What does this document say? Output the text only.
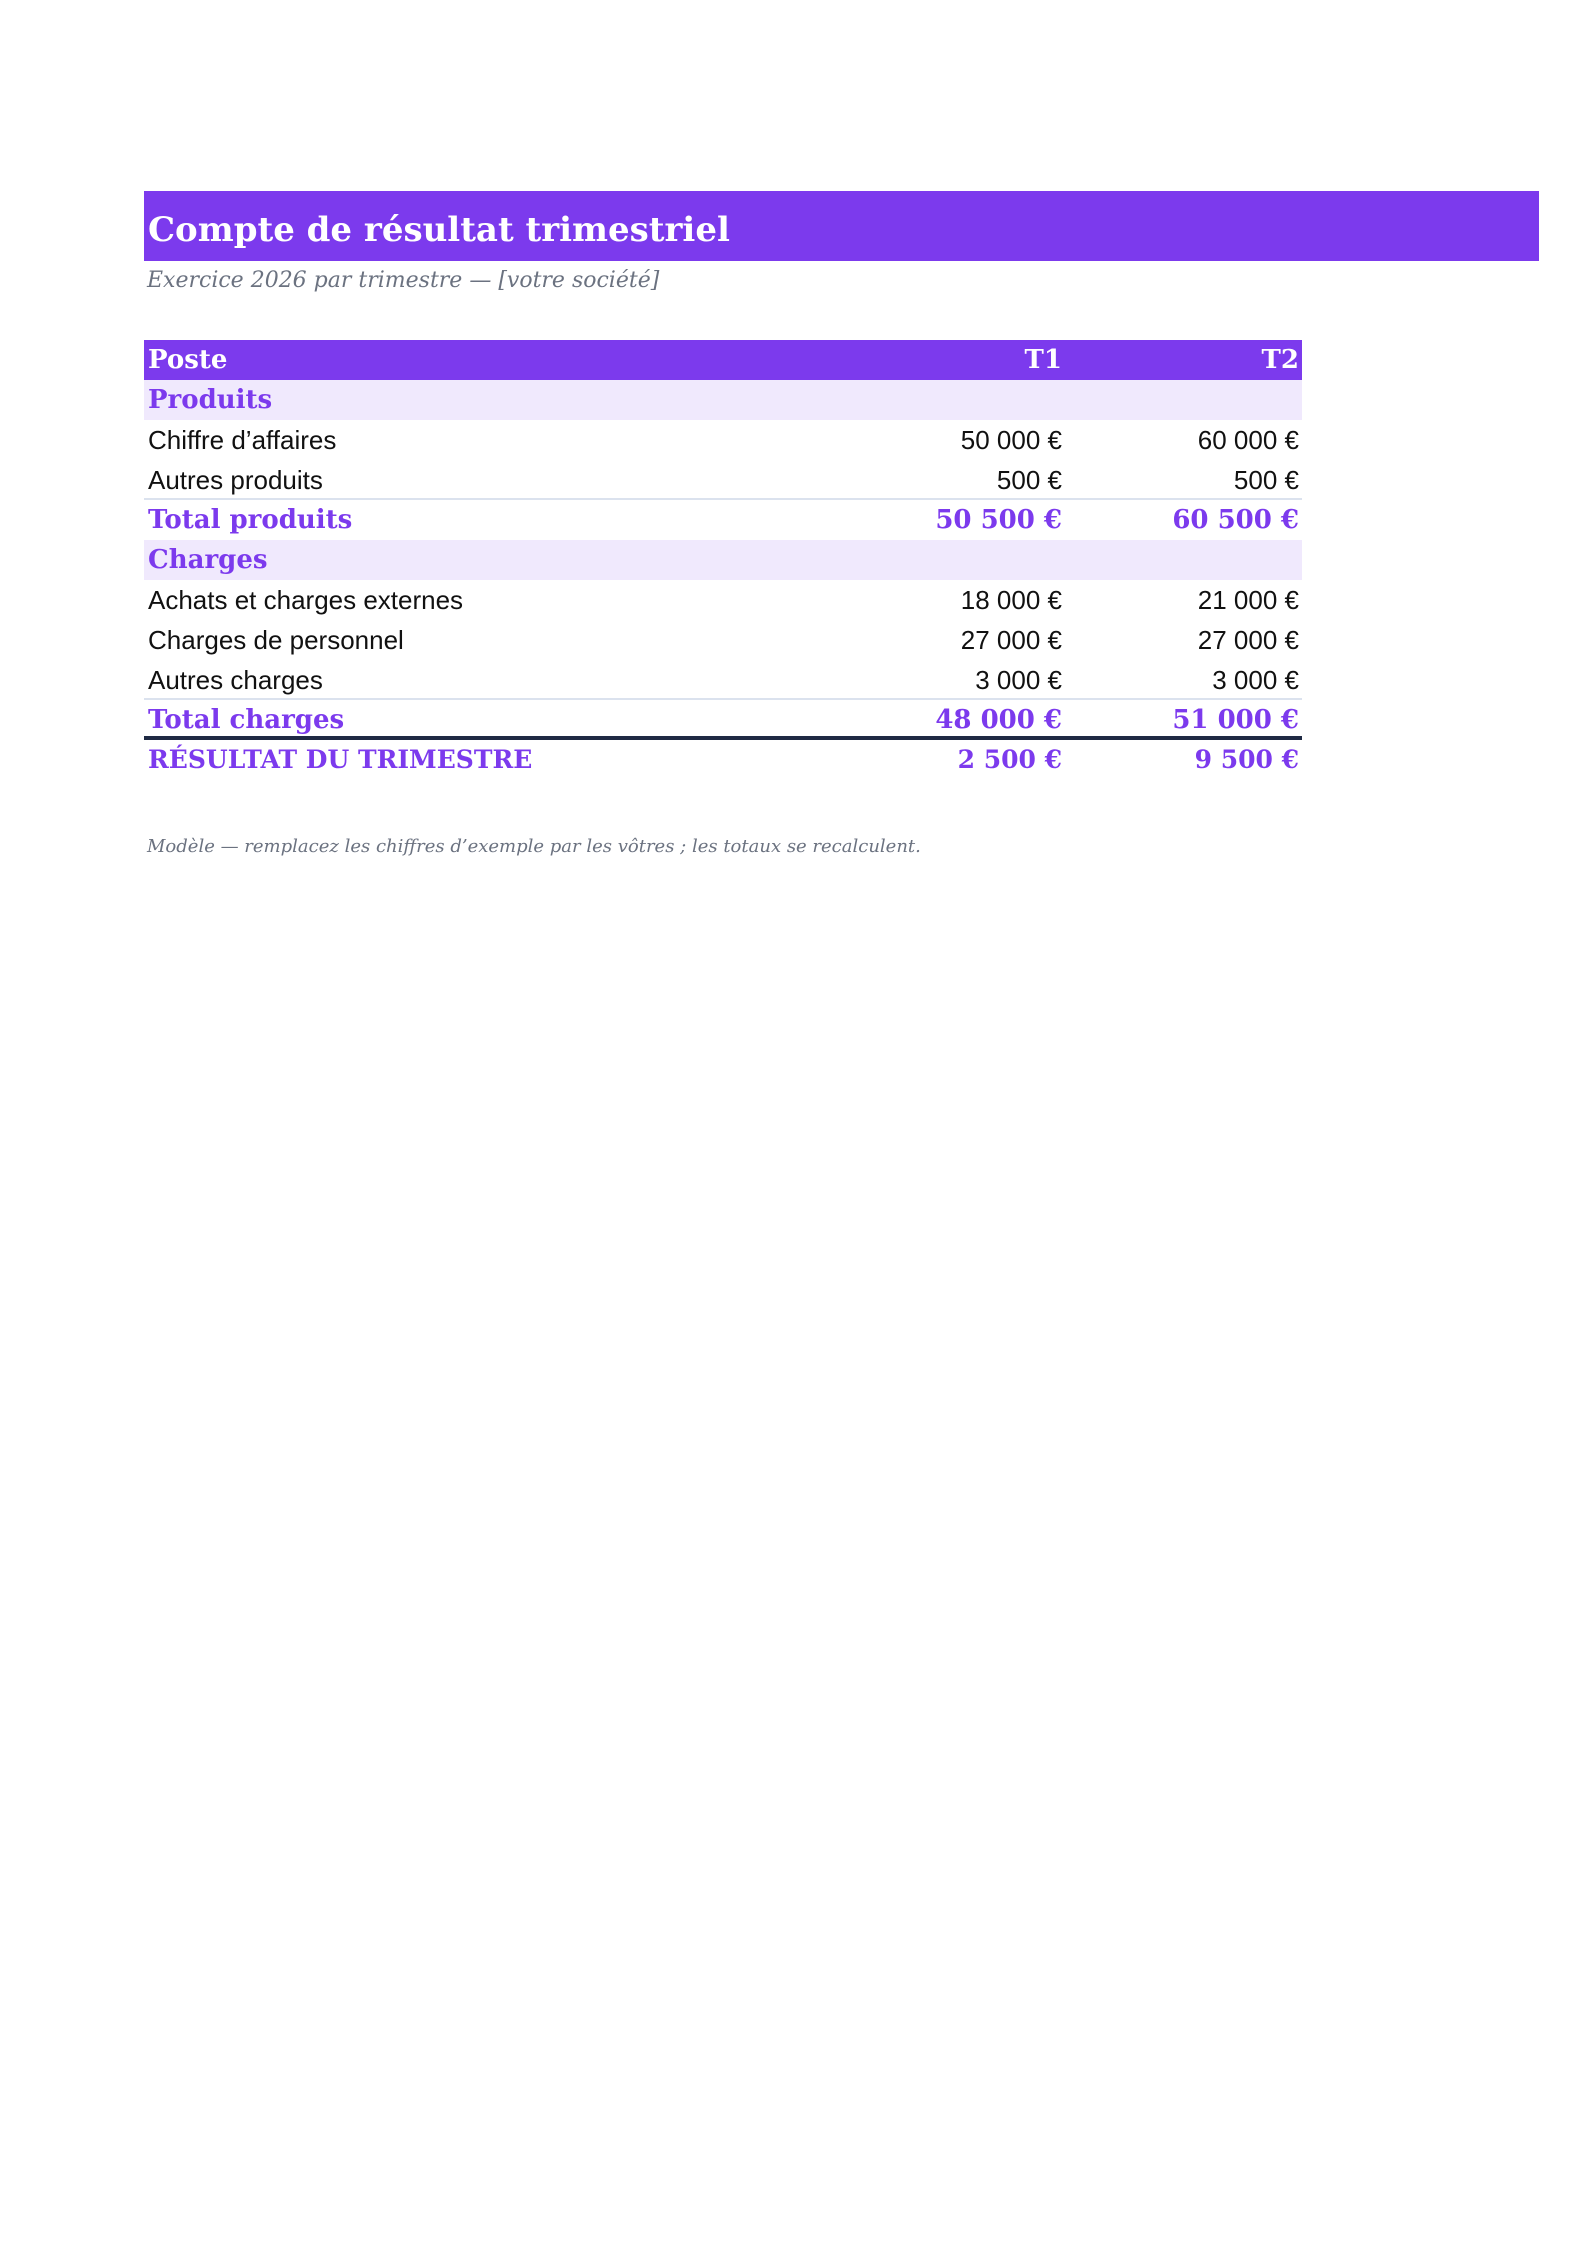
Compte de résultat trimestriel
Exercice 2026 par trimestre — [votre société]
Poste	T1	T2
Produits
Chiffre d’affaires	50 000 €	60 000 €
Autres produits	500 €	500 €
Total produits	50 500 €	60 500 €
Charges
Achats et charges externes	18 000 €	21 000 €
Charges de personnel	27 000 €	27 000 €
Autres charges	3 000 €	3 000 €
Total charges	48 000 €	51 000 €
RÉSULTAT DU TRIMESTRE	2 500 €	9 500 €
Modèle — remplacez les chiffres d’exemple par les vôtres ; les totaux se recalculent.
